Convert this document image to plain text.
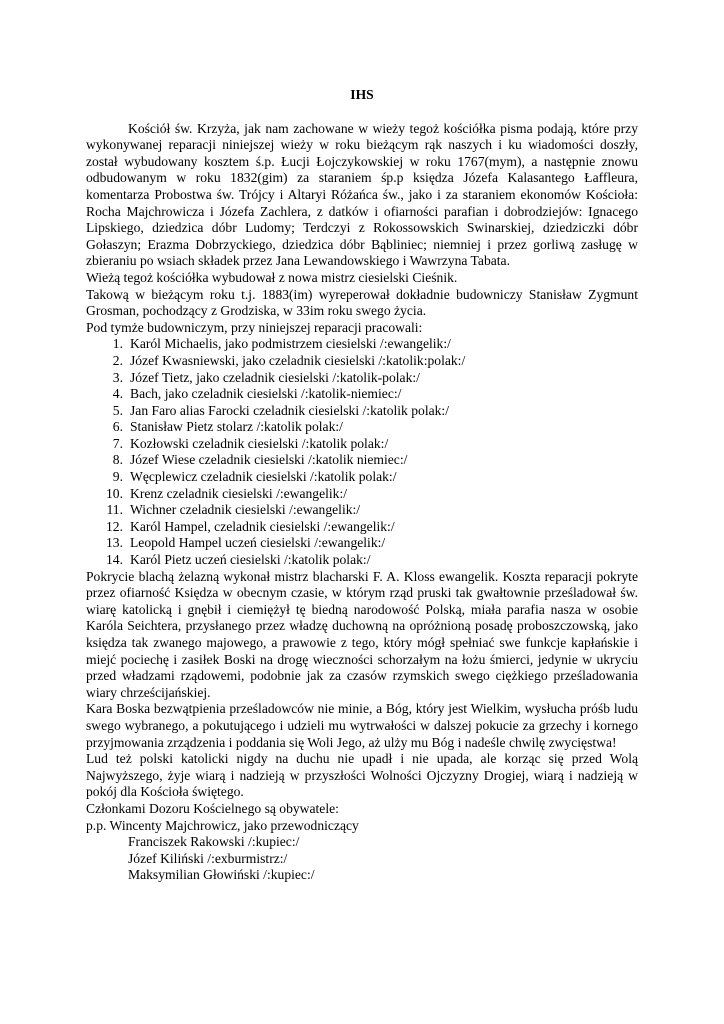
IHS

Kościół św. Krzyża, jak nam zachowane w wieży tegoż kościółka pisma podają, które przy wykonywanej reparacji niniejszej wieży w roku bieżącym rąk naszych i ku wiadomości doszły, został wybudowany kosztem ś.p. Łucji Łojczykowskiej w roku 1767(mym), a następnie znowu odbudowanym w roku 1832(gim) za staraniem śp.p księdza Józefa Kalasantego Łaffleura, komentarza Probostwa św. Trójcy i Altaryi Różańca św., jako i za staraniem ekonomów Kościoła: Rocha Majchrowicza i Józefa Zachlera, z datków i ofiarności parafian i dobrodziejów: Ignacego Lipskiego, dziedzica dóbr Ludomy; Terdczyi z Rokossowskich Swinarskiej, dziedziczki dóbr Gołaszyn; Erazma Dobrzyckiego, dziedzica dóbr Bąbliniec; niemniej i przez gorliwą zasługę w zbieraniu po wsiach składek przez Jana Lewandowskiego i Wawrzyna Tabata.

Wieżą tegoż kościółka wybudował z nowa mistrz ciesielski Cieśnik.

Takową w bieżącym roku t.j. 1883(im) wyreperował dokładnie budowniczy Stanisław Zygmunt Grosman, pochodzący z Grodziska, w 33im roku swego życia.

Pod tymże budowniczym, przy niniejszej reparacji pracowali:

1. Karól Michaelis, jako podmistrzem ciesielski /:ewangelik:/
2. Józef Kwasniewski, jako czeladnik ciesielski /:katolik:polak:/
3. Józef Tietz, jako czeladnik ciesielski /:katolik-polak:/
4. Bach, jako czeladnik ciesielski /:katolik-niemiec:/
5. Jan Faro alias Farocki czeladnik ciesielski /:katolik polak:/
6. Stanisław Pietz stolarz /:katolik polak:/
7. Kozłowski czeladnik ciesielski /:katolik polak:/
8. Józef Wiese czeladnik ciesielski /:katolik niemiec:/
9. Węcplewicz czeladnik ciesielski /:katolik polak:/
10. Krenz czeladnik ciesielski /:ewangelik:/
11. Wichner czeladnik ciesielski /:ewangelik:/
12. Karól Hampel, czeladnik ciesielski /:ewangelik:/
13. Leopold Hampel uczeń ciesielski /:ewangelik:/
14. Karól Pietz uczeń ciesielski /:katolik polak:/

Pokrycie blachą żelazną wykonał mistrz blacharski F. A. Kloss ewangelik. Koszta reparacji pokryte przez ofiarność Księdza w obecnym czasie, w którym rząd pruski tak gwałtownie prześladował św. wiarę katolicką i gnębił i ciemiężył tę biedną narodowość Polską, miała parafia nasza w osobie Karóla Seichtera, przysłanego przez władzę duchowną na opróżnioną posadę proboszczowską, jako księdza tak zwanego majowego, a prawowie z tego, który mógł spełniać swe funkcje kapłańskie i miejć pociechę i zasiłek Boski na drogę wieczności schorzałym na łożu śmierci, jedynie w ukryciu przed władzami rządowemi, podobnie jak za czasów rzymskich swego ciężkiego prześladowania wiary chrześcijańskiej.

Kara Boska bezwątpienia prześladowców nie minie, a Bóg, który jest Wielkim, wysłucha próśb ludu swego wybranego, a pokutującego i udzieli mu wytrwałości w dalszej pokucie za grzechy i kornego przyjmowania zrządzenia i poddania się Woli Jego, aż ulży mu Bóg i nadeśle chwilę zwycięstwa!

Lud też polski katolicki nigdy na duchu nie upadł i nie upada, ale korząc się przed Wolą Najwyższego, żyje wiarą i nadzieją w przyszłości Wolności Ojczyzny Drogiej, wiarą i nadzieją w pokój dla Kościoła świętego.

Członkami Dozoru Kościelnego są obywatele:

p.p. Wincenty Majchrowicz, jako przewodniczący

Franciszek Rakowski /:kupiec:/
Józef Kiliński /:exburmistrz:/
Maksymilian Głowiński /:kupiec:/
